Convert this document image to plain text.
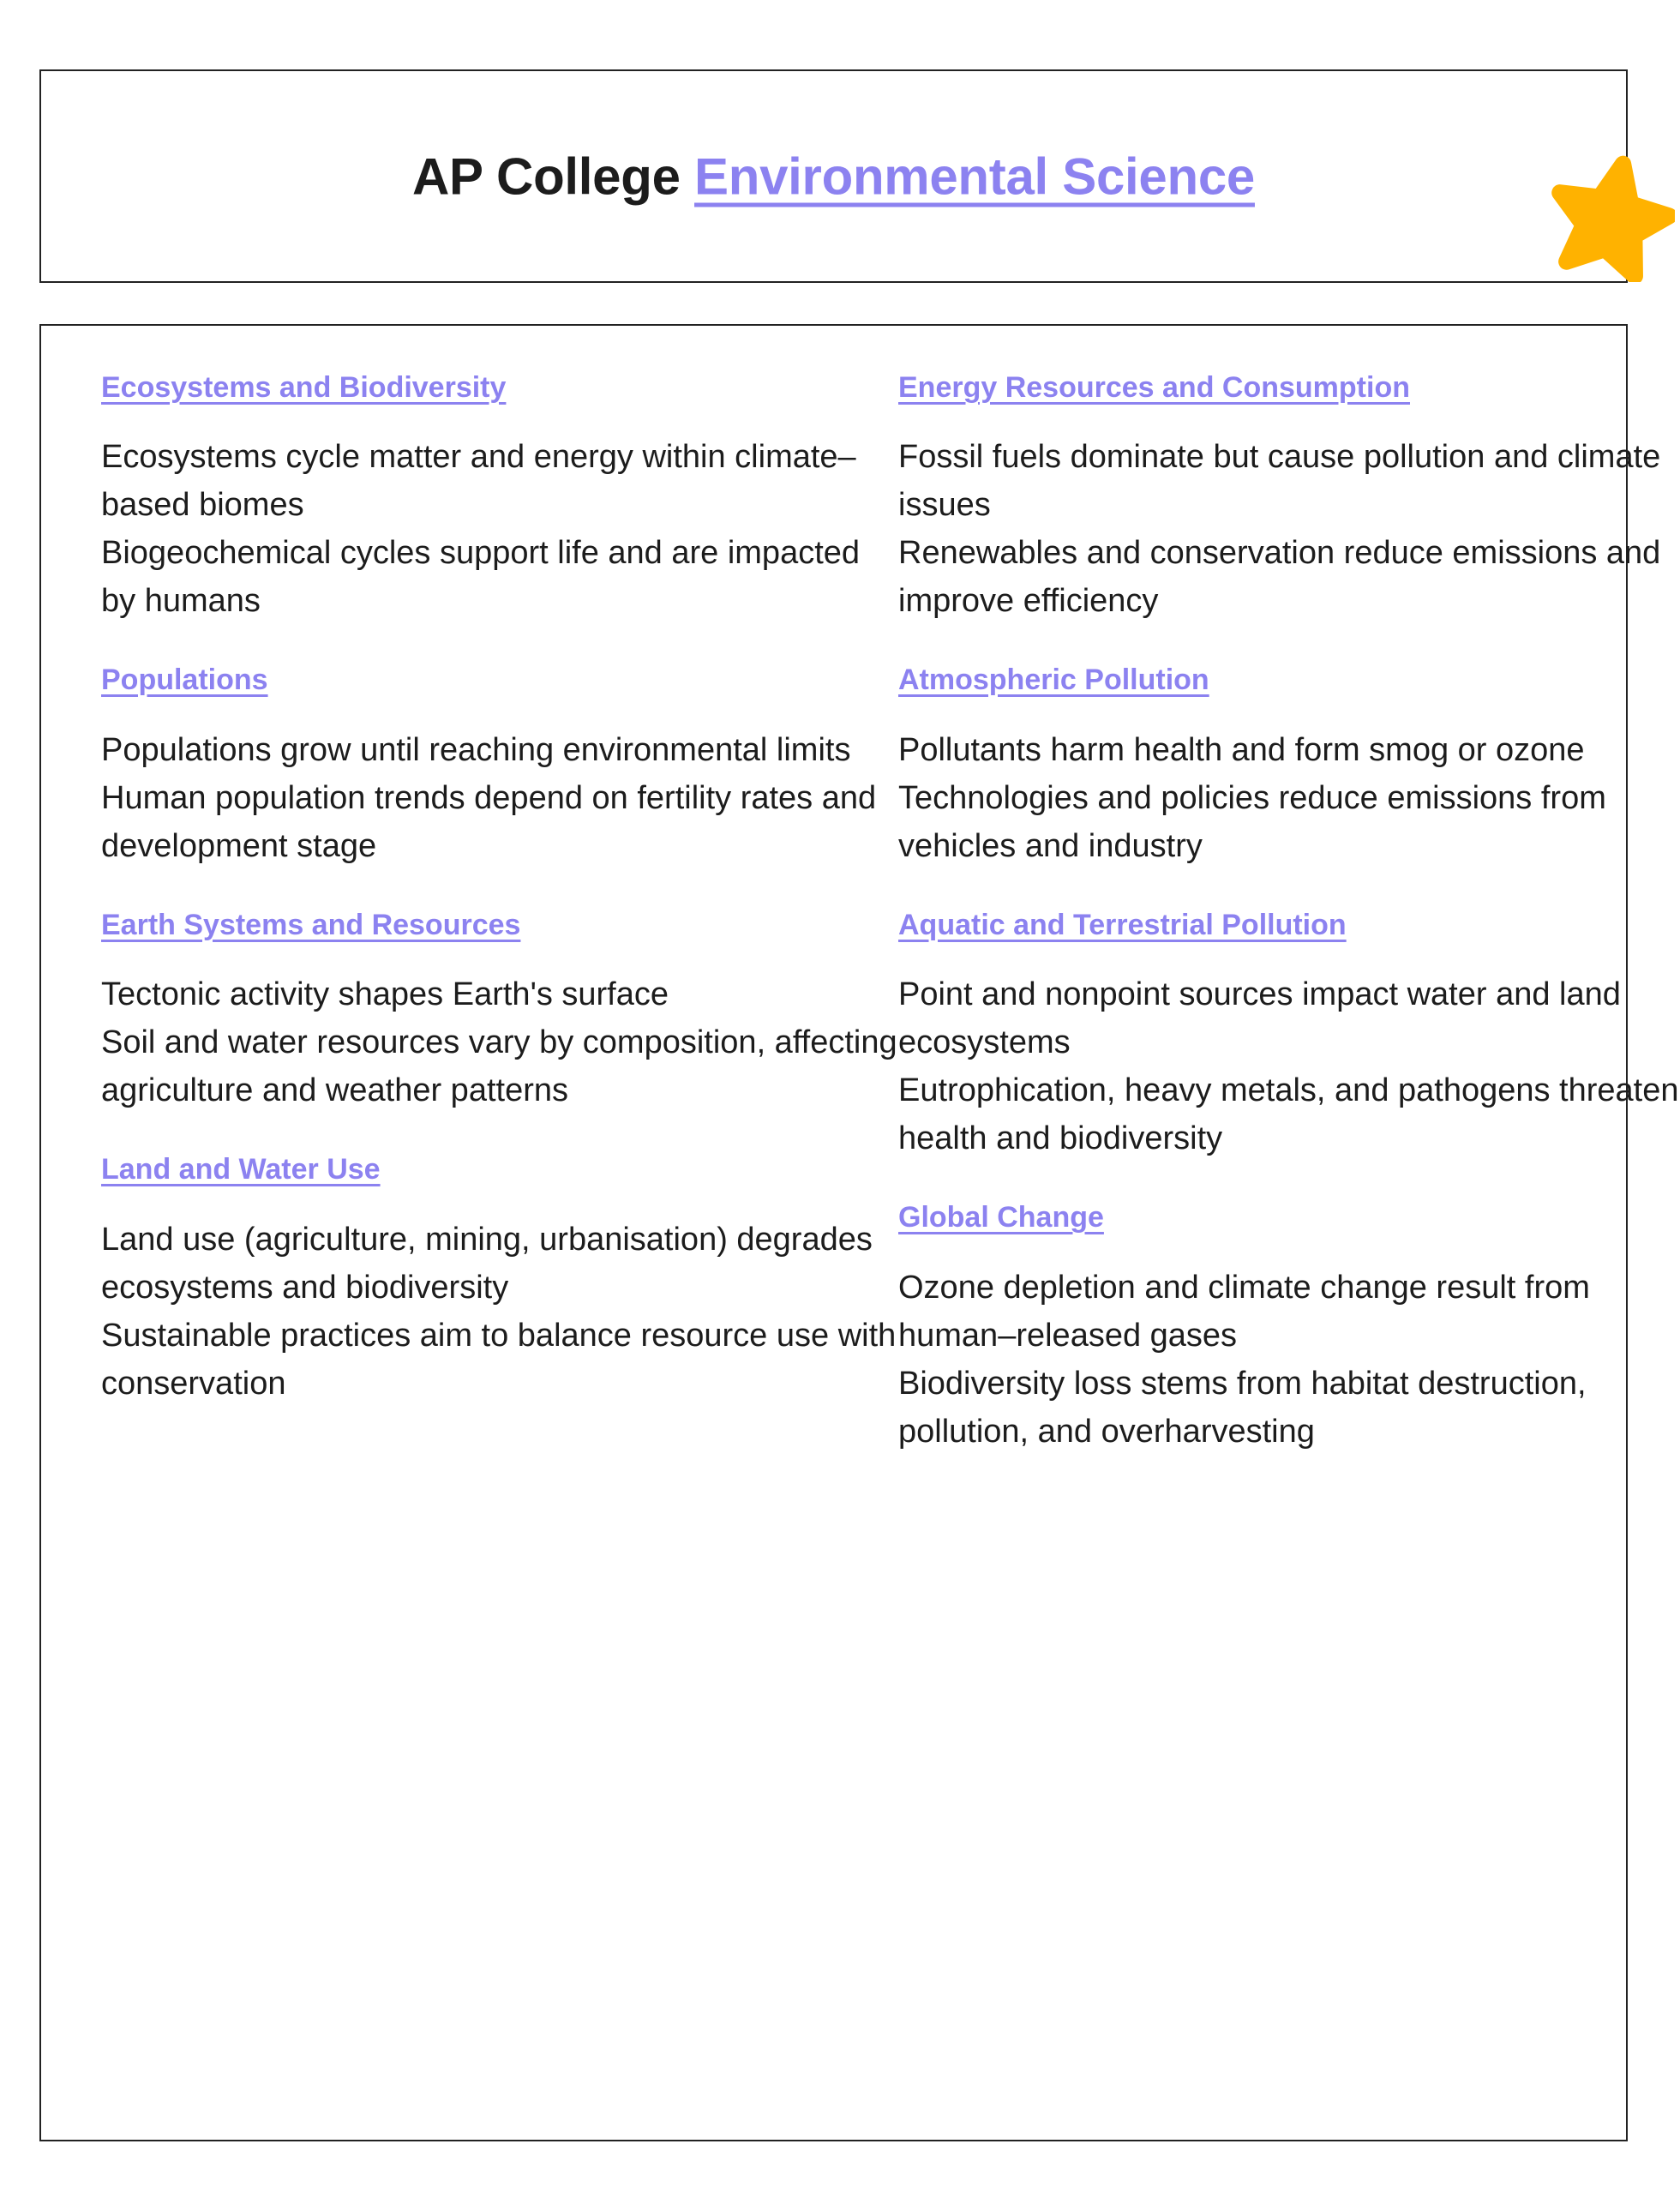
AP College Environmental Science
Ecosystems and Biodiversity
Ecosystems cycle matter and energy within climate–based biomes
Biogeochemical cycles support life and are impacted by humans
Populations
Populations grow until reaching environmental limits
Human population trends depend on fertility rates and development stage
Earth Systems and Resources
Tectonic activity shapes Earth's surface
Soil and water resources vary by composition, affecting agriculture and weather patterns
Land and Water Use
Land use (agriculture, mining, urbanisation) degrades ecosystems and biodiversity
Sustainable practices aim to balance resource use with conservation
Energy Resources and Consumption
Fossil fuels dominate but cause pollution and climate issues
Renewables and conservation reduce emissions and improve efficiency
Atmospheric Pollution
Pollutants harm health and form smog or ozone
Technologies and policies reduce emissions from vehicles and industry
Aquatic and Terrestrial Pollution
Point and nonpoint sources impact water and land ecosystems
Eutrophication, heavy metals, and pathogens threaten health and biodiversity
Global Change
Ozone depletion and climate change result from human–released gases
Biodiversity loss stems from habitat destruction, pollution, and overharvesting
